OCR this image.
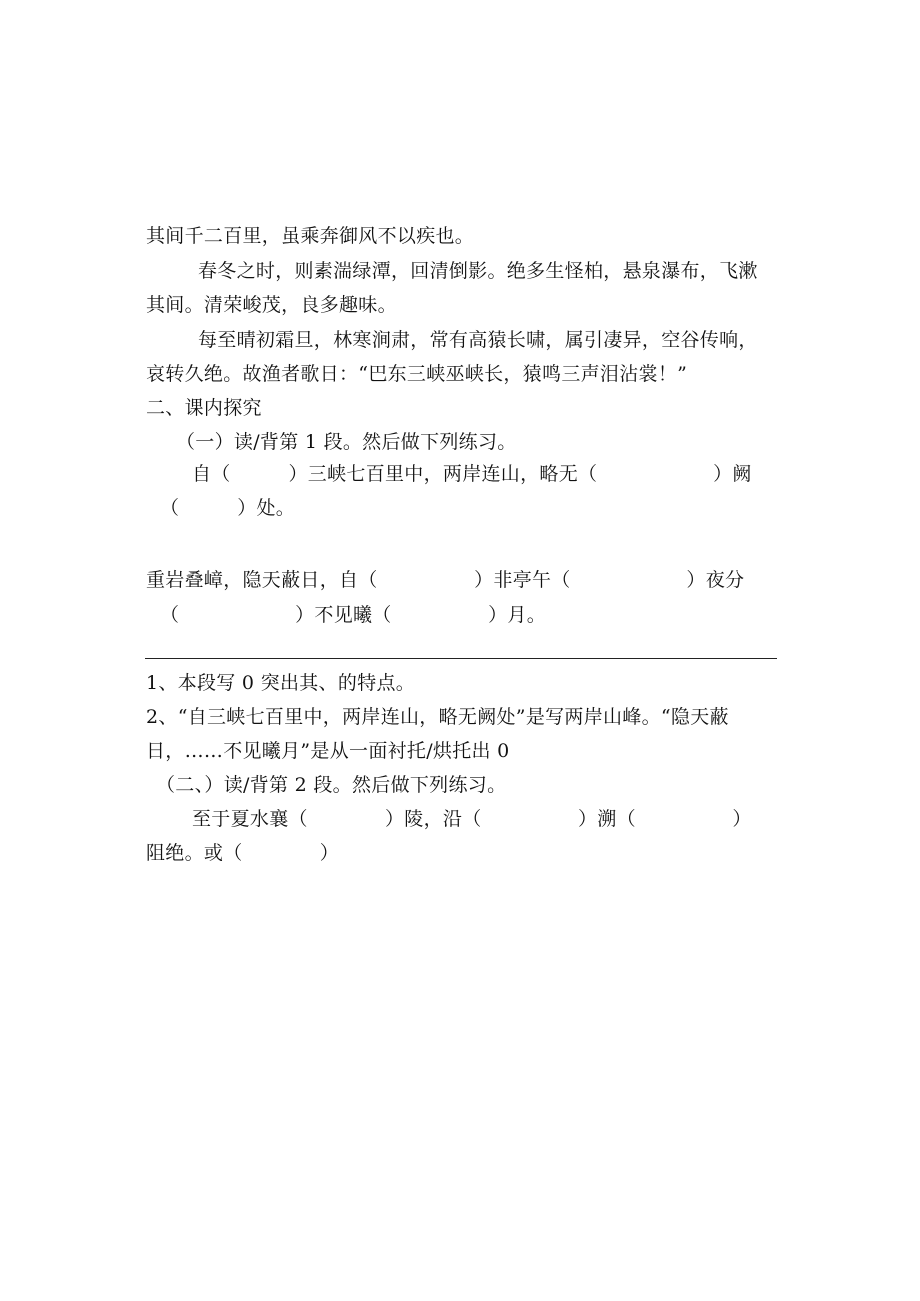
其间千二百里，虽乘奔御风不以疾也。
春冬之时，则素湍绿潭，回清倒影。绝多生怪柏，悬泉瀑布，飞漱
其间。清荣峻茂，良多趣味。
每至晴初霜旦，林寒涧肃，常有高猿长啸，属引凄异，空谷传响，
哀转久绝。故渔者歌日：“巴东三峡巫峡长，猿鸣三声泪沾裳！”
二、课内探究
（一）读/背第 1 段。然后做下列练习。
自（　　　）三峡七百里中，两岸连山，略无（　　　　　　）阙
（　　　）处。
重岩叠嶂，隐天蔽日，自（　　　　　）非亭午（　　　　　　）夜分
（　　　　　　）不见曦（　　　　　）月。
1、本段写 0 突出其、的特点。
2、“自三峡七百里中，两岸连山，略无阙处”是写两岸山峰。“隐天蔽
日，……不见曦月”是从一面衬托/烘托出 0
（二、）读/背第 2 段。然后做下列练习。
至于夏水襄（　　　　）陵，沿（　　　　　）溯（　　　　　）
阻绝。或（　　　　）
